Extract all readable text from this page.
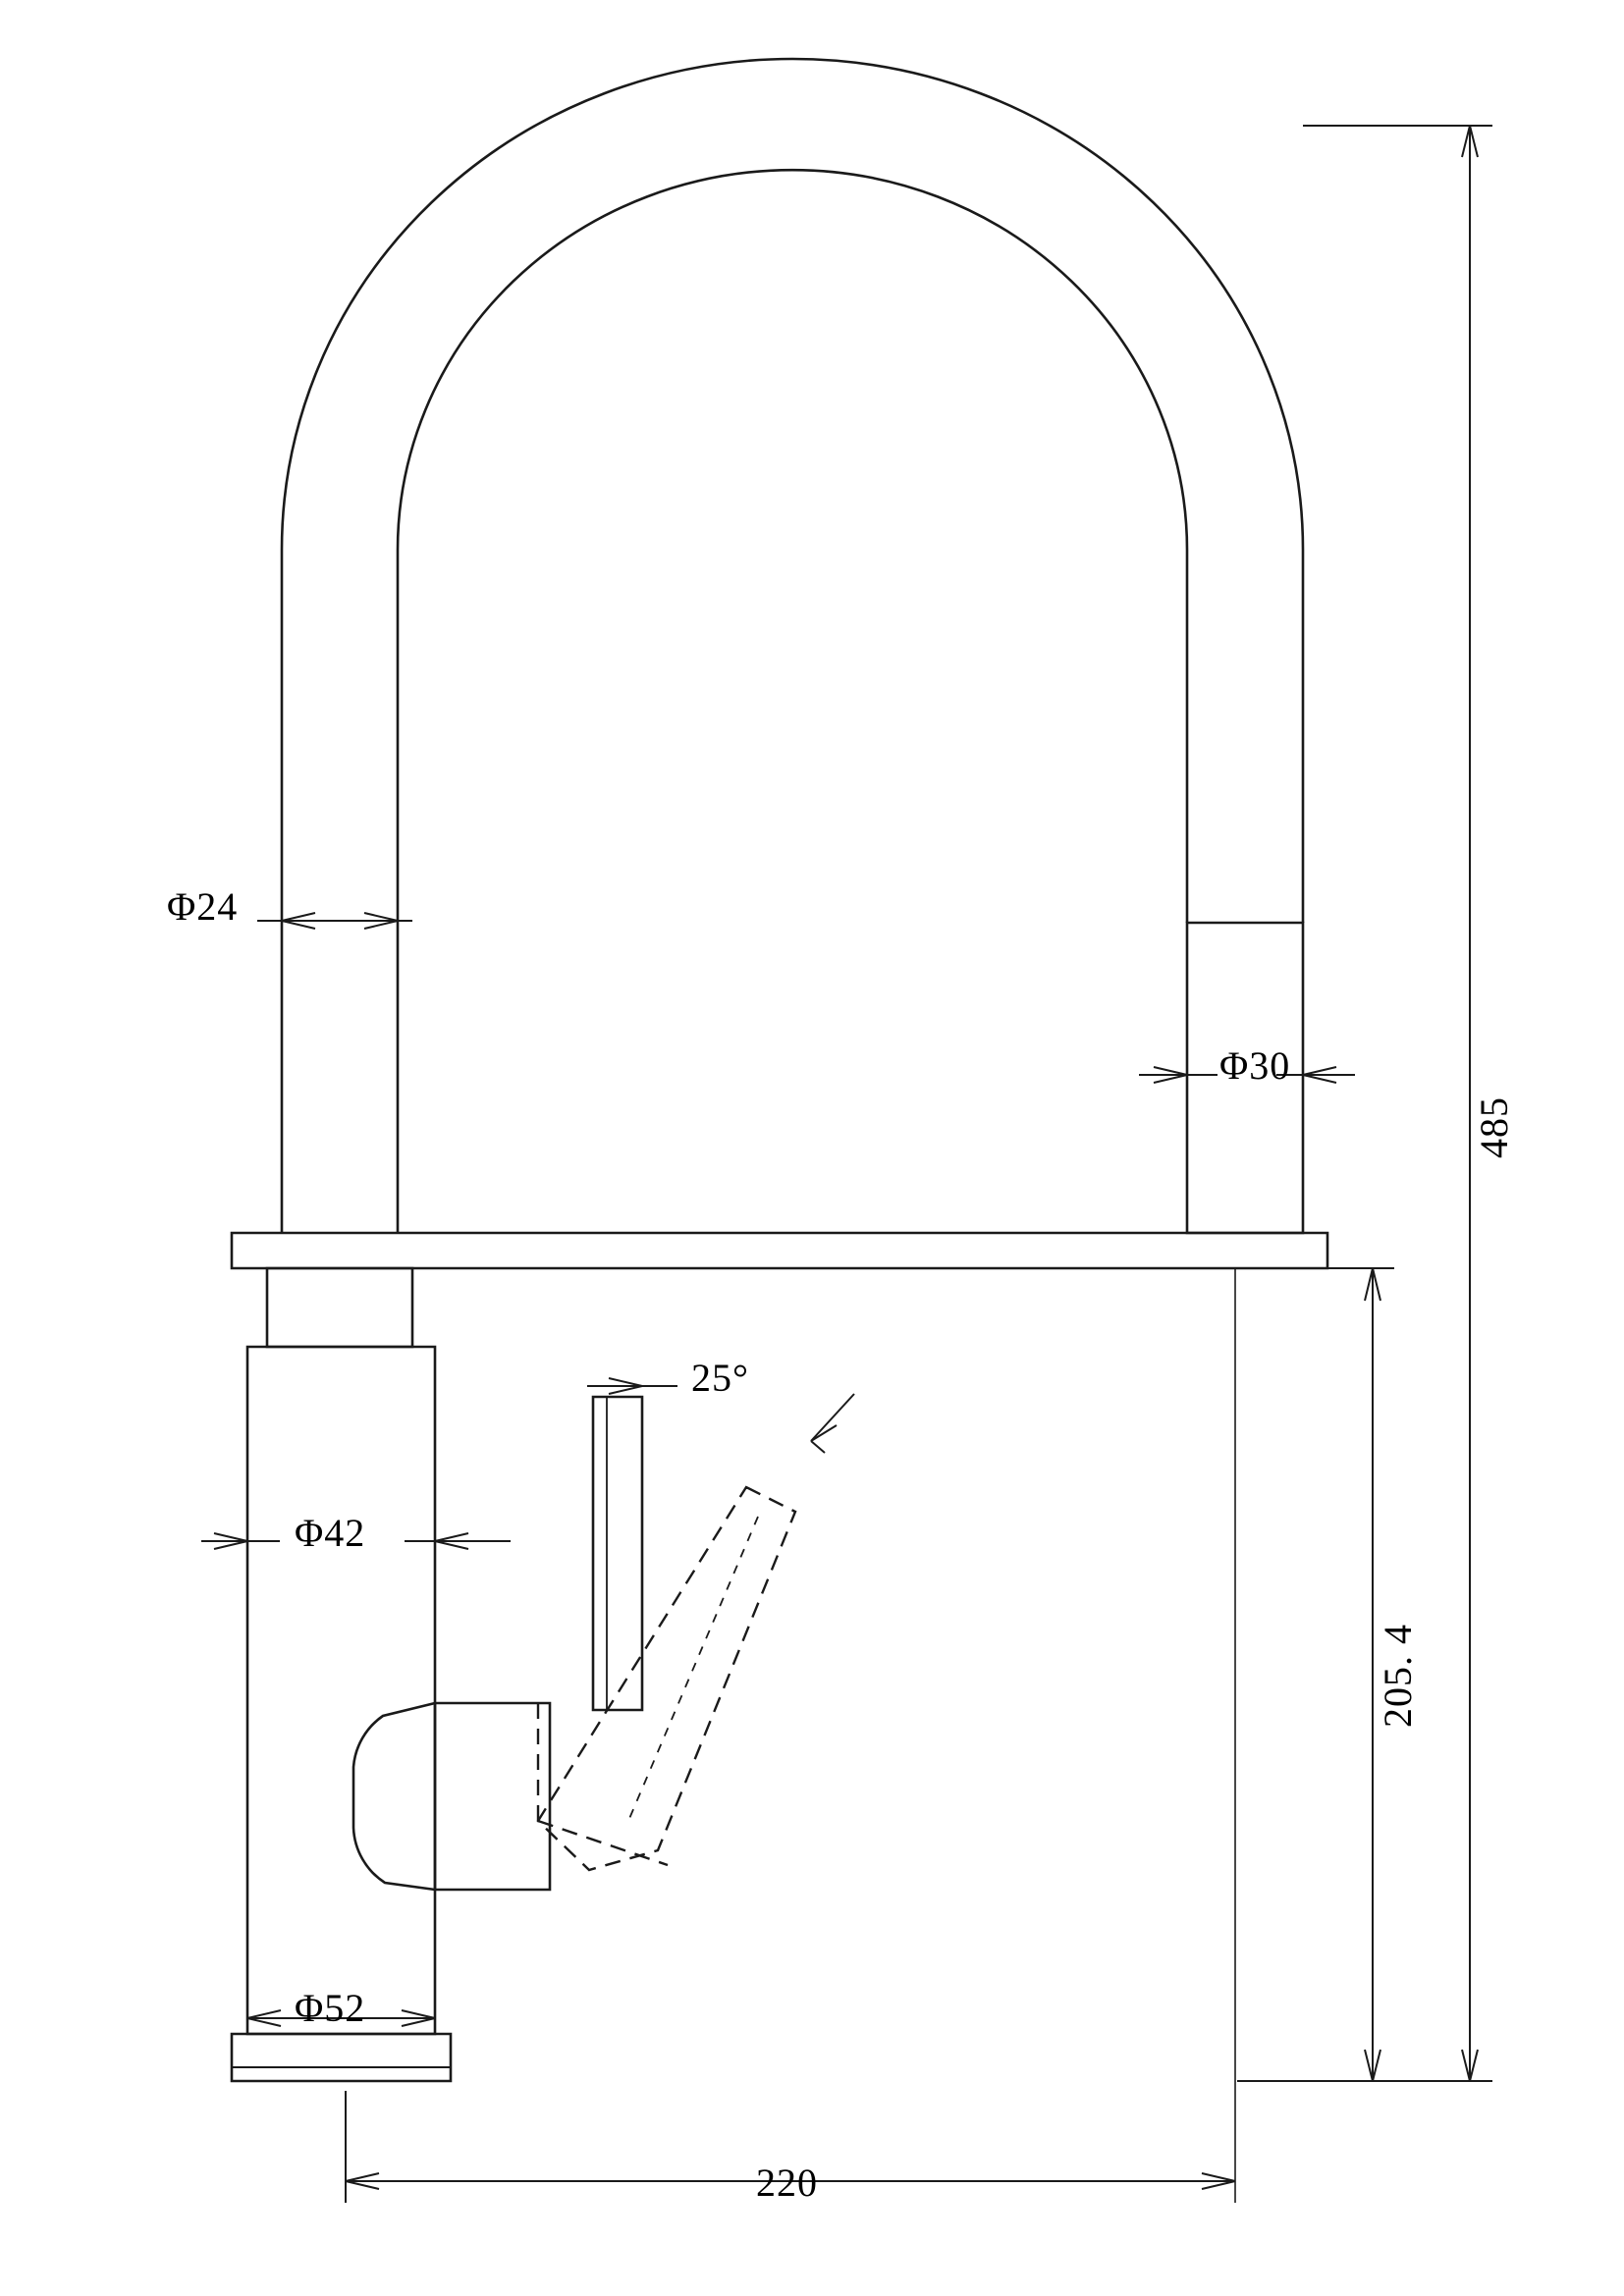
Φ24
Φ30
Φ42
Φ52
485
205. 4
220
25°
